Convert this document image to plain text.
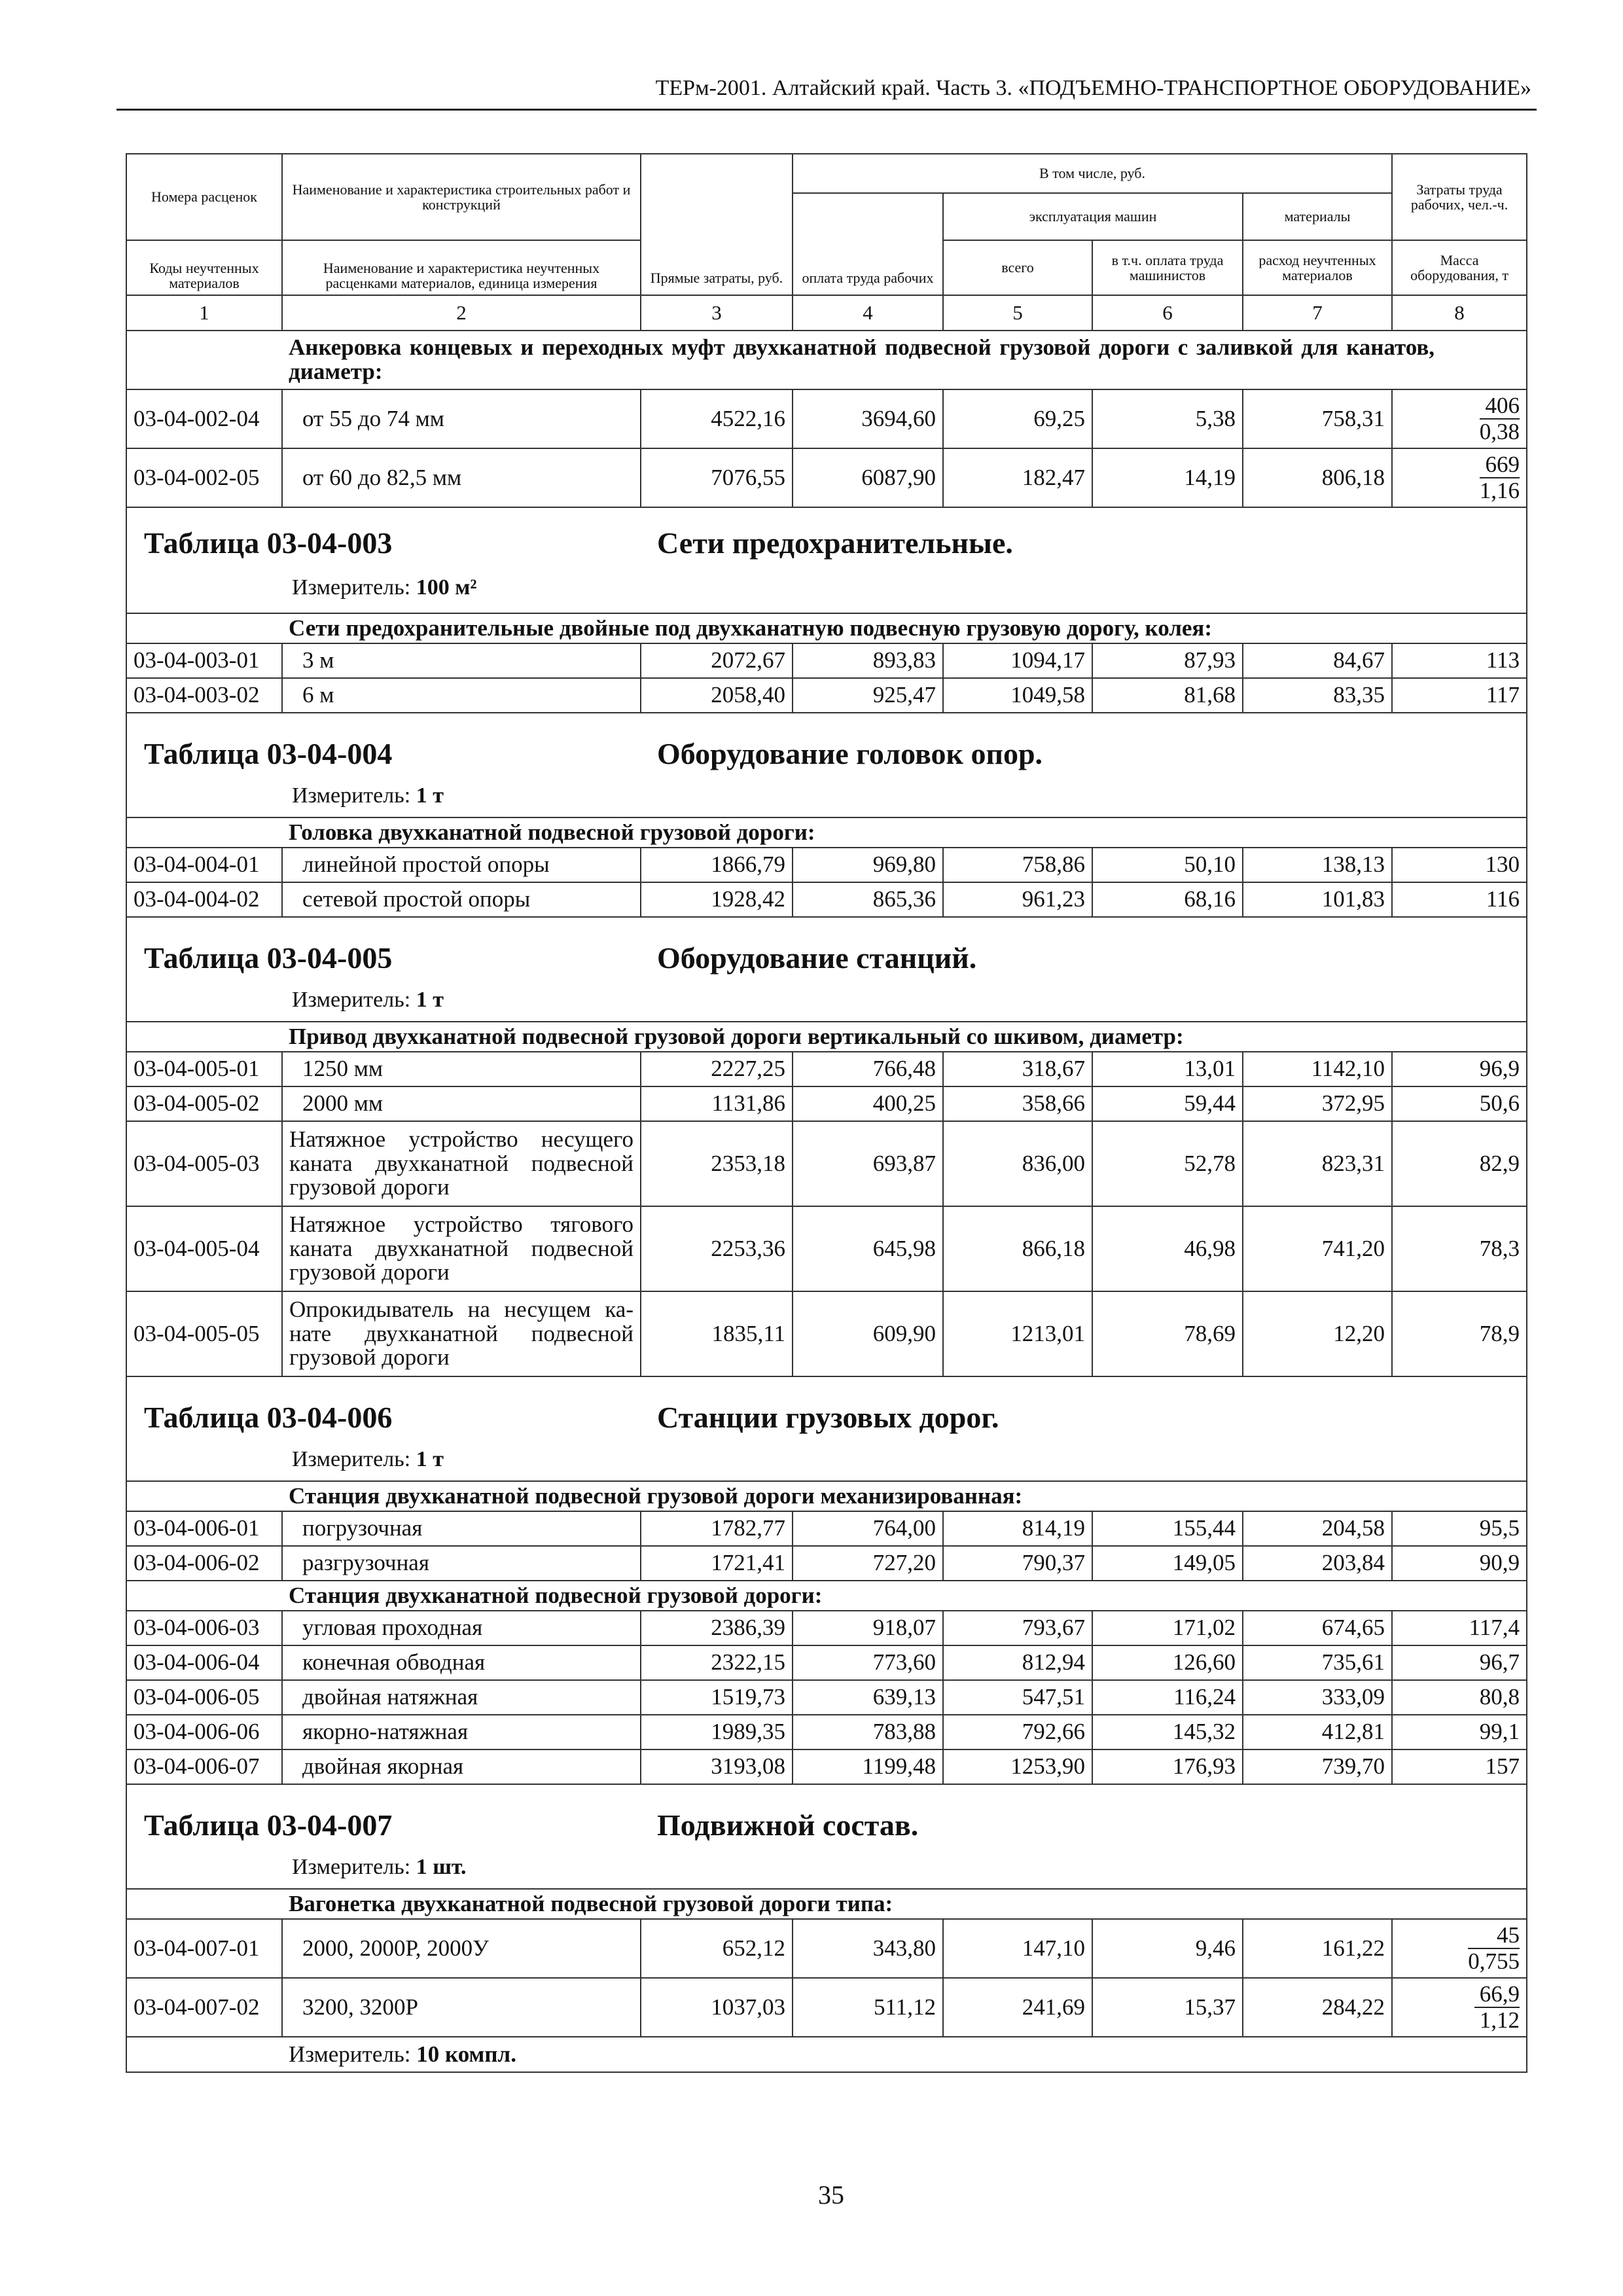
ТЕРм-2001. Алтайский край. Часть 3. «ПОДЪЕМНО-ТРАНСПОРТНОЕ ОБОРУДОВАНИЕ»
Номера расценок	Наименование и характеристика строительных работ и конструкций	Прямые затраты, руб.	В том числе, руб.				Затраты труда рабочих, чел.-ч.
			оплата труда рабочих	эксплуатация машин		материалы	
Коды неучтенных материалов	Наименование и характеристика неучтенных расценками материалов, единица измерения			всего	в т.ч. оплата труда машинистов	расход неучтенных материалов	Масса оборудования, т

1	2	3	4	5	6	7	8
	Анкеровка концевых и переходных муфт двухканатной подвесной грузовой дороги с заливкой для канатов, диаметр:						
03-04-002-04	от 55 до 74 мм	4522,16	3694,60	69,25	5,38	758,31	$\frac{406}{0,38}$

03-04-002-05	от 60 до 82,5 мм	7076,55	6087,90	182,47	14,19	806,18	$\frac{669}{1,16}$

Таблица 03-04-003 Сети предохранительные.
Измеритель: 100 м²							

	Сети предохранительные двойные под двухканатную подвесную грузовую дорогу, колея:						
03-04-003-01	3 м	2072,67	893,83	1094,17	87,93	84,67	113
03-04-003-02	6 м	2058,40	925,47	1049,58	81,68	83,35	117

Таблица 03-04-004 Оборудование головок опор.
Измеритель: 1 т							

	Головка двухканатной подвесной грузовой дороги:						
03-04-004-01	линейной простой опоры	1866,79	969,80	758,86	50,10	138,13	130
03-04-004-02	сетевой простой опоры	1928,42	865,36	961,23	68,16	101,83	116

Таблица 03-04-005 Оборудование станций.
Измеритель: 1 т							

	Привод двухканатной подвесной грузовой дороги вертикальный со шкивом, диаметр:						
03-04-005-01	1250 мм	2227,25	766,48	318,67	13,01	1142,10	96,9
03-04-005-02	2000 мм	1131,86	400,25	358,66	59,44	372,95	50,6
03-04-005-03	Натяжное устройство несущего каната двухканатной подвесной грузовой дороги	2353,18	693,87	836,00	52,78	823,31	82,9
03-04-005-04	Натяжное устройство тягового каната двухканатной подвесной грузовой дороги	2253,36	645,98	866,18	46,98	741,20	78,3
03-04-005-05	Опрокидыватель на несущем ка-нате двухканатной подвесной грузовой дороги	1835,11	609,90	1213,01	78,69	12,20	78,9

Таблица 03-04-006 Станции грузовых дорог.
Измеритель: 1 т							

	Станция двухканатной подвесной грузовой дороги механизированная:						
03-04-006-01	погрузочная	1782,77	764,00	814,19	155,44	204,58	95,5
03-04-006-02	разгрузочная	1721,41	727,20	790,37	149,05	203,84	90,9
	Станция двухканатной подвесной грузовой дороги:						
03-04-006-03	угловая проходная	2386,39	918,07	793,67	171,02	674,65	117,4
03-04-006-04	конечная обводная	2322,15	773,60	812,94	126,60	735,61	96,7
03-04-006-05	двойная натяжная	1519,73	639,13	547,51	116,24	333,09	80,8
03-04-006-06	якорно-натяжная	1989,35	783,88	792,66	145,32	412,81	99,1
03-04-006-07	двойная якорная	3193,08	1199,48	1253,90	176,93	739,70	157

Таблица 03-04-007 Подвижной состав.
Измеритель: 1 шт.							

	Вагонетка двухканатной подвесной грузовой дороги типа:						
03-04-007-01	2000, 2000Р, 2000У	652,12	343,80	147,10	9,46	161,22	$\frac{45}{0,755}$

03-04-007-02	3200, 3200Р	1037,03	511,12	241,69	15,37	284,22	$\frac{66,9}{1,12}$

	Измеритель: 10 компл.						
35
